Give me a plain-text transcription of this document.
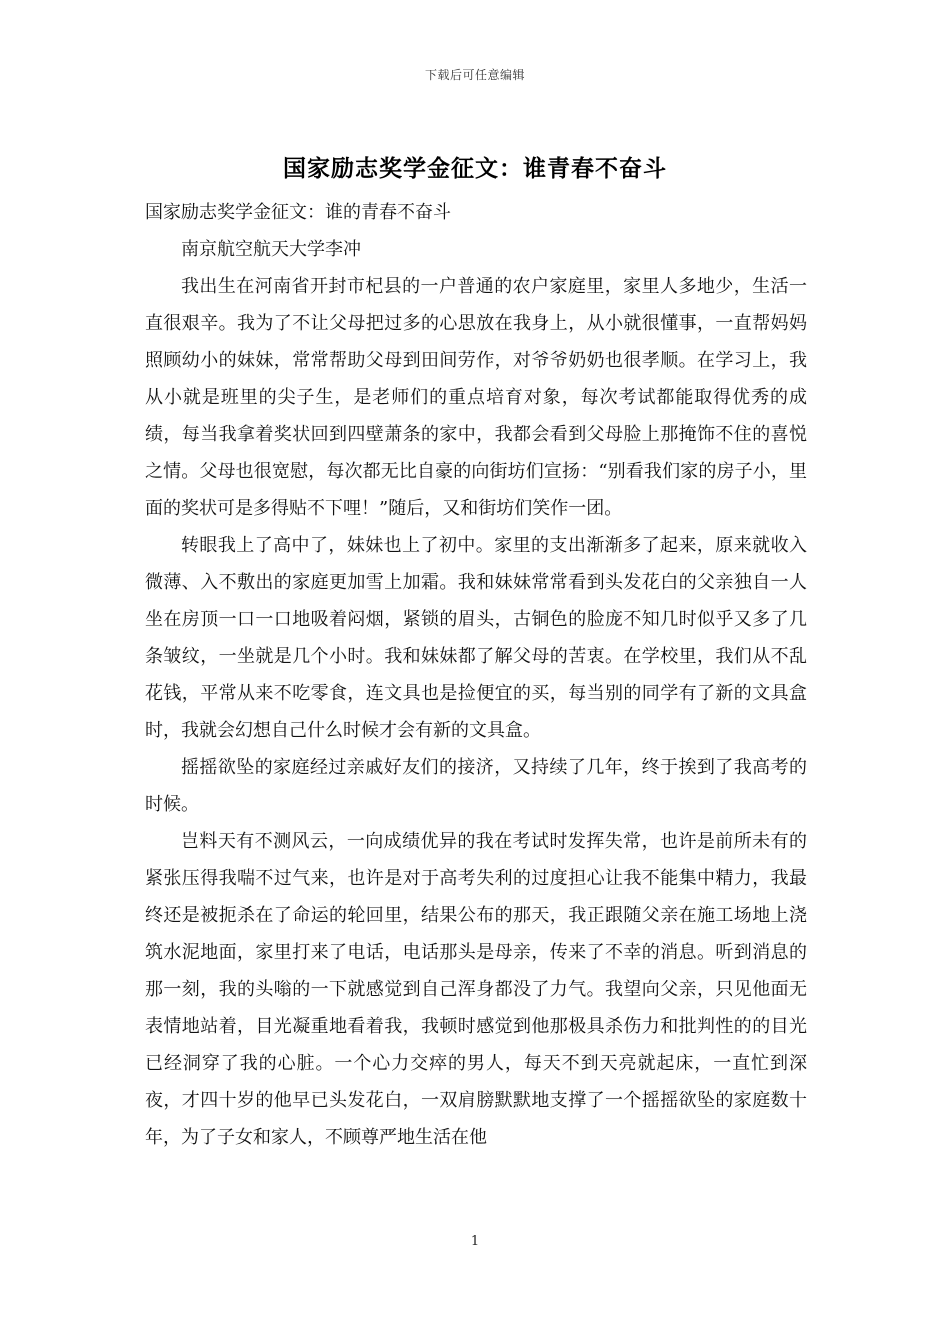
下载后可任意编辑
国家励志奖学金征文：谁青春不奋斗

国家励志奖学金征文：谁的青春不奋斗

南京航空航天大学李冲

我出生在河南省开封市杞县的一户普通的农户家庭里，家里人多地少，生活一直很艰辛。我为了不让父母把过多的心思放在我身上，从小就很懂事，一直帮妈妈照顾幼小的妹妹，常常帮助父母到田间劳作，对爷爷奶奶也很孝顺。在学习上，我从小就是班里的尖子生，是老师们的重点培育对象，每次考试都能取得优秀的成绩，每当我拿着奖状回到四壁萧条的家中，我都会看到父母脸上那掩饰不住的喜悦之情。父母也很宽慰，每次都无比自豪的向街坊们宣扬：“别看我们家的房子小，里面的奖状可是多得贴不下哩！”随后，又和街坊们笑作一团。

转眼我上了高中了，妹妹也上了初中。家里的支出渐渐多了起来，原来就收入微薄、入不敷出的家庭更加雪上加霜。我和妹妹常常看到头发花白的父亲独自一人坐在房顶一口一口地吸着闷烟，紧锁的眉头，古铜色的脸庞不知几时似乎又多了几条皱纹，一坐就是几个小时。我和妹妹都了解父母的苦衷。在学校里，我们从不乱花钱，平常从来不吃零食，连文具也是捡便宜的买，每当别的同学有了新的文具盒时，我就会幻想自己什么时候才会有新的文具盒。

摇摇欲坠的家庭经过亲戚好友们的接济，又持续了几年，终于挨到了我高考的时候。

岂料天有不测风云，一向成绩优异的我在考试时发挥失常，也许是前所未有的紧张压得我喘不过气来，也许是对于高考失利的过度担心让我不能集中精力，我最终还是被扼杀在了命运的轮回里，结果公布的那天，我正跟随父亲在施工场地上浇筑水泥地面，家里打来了电话，电话那头是母亲，传来了不幸的消息。听到消息的那一刻，我的头嗡的一下就感觉到自己浑身都没了力气。我望向父亲，只见他面无表情地站着，目光凝重地看着我，我顿时感觉到他那极具杀伤力和批判性的的目光已经洞穿了我的心脏。一个心力交瘁的男人，每天不到天亮就起床，一直忙到深夜，才四十岁的他早已头发花白，一双肩膀默默地支撑了一个摇摇欲坠的家庭数十年，为了子女和家人，不顾尊严地生活在他

1
